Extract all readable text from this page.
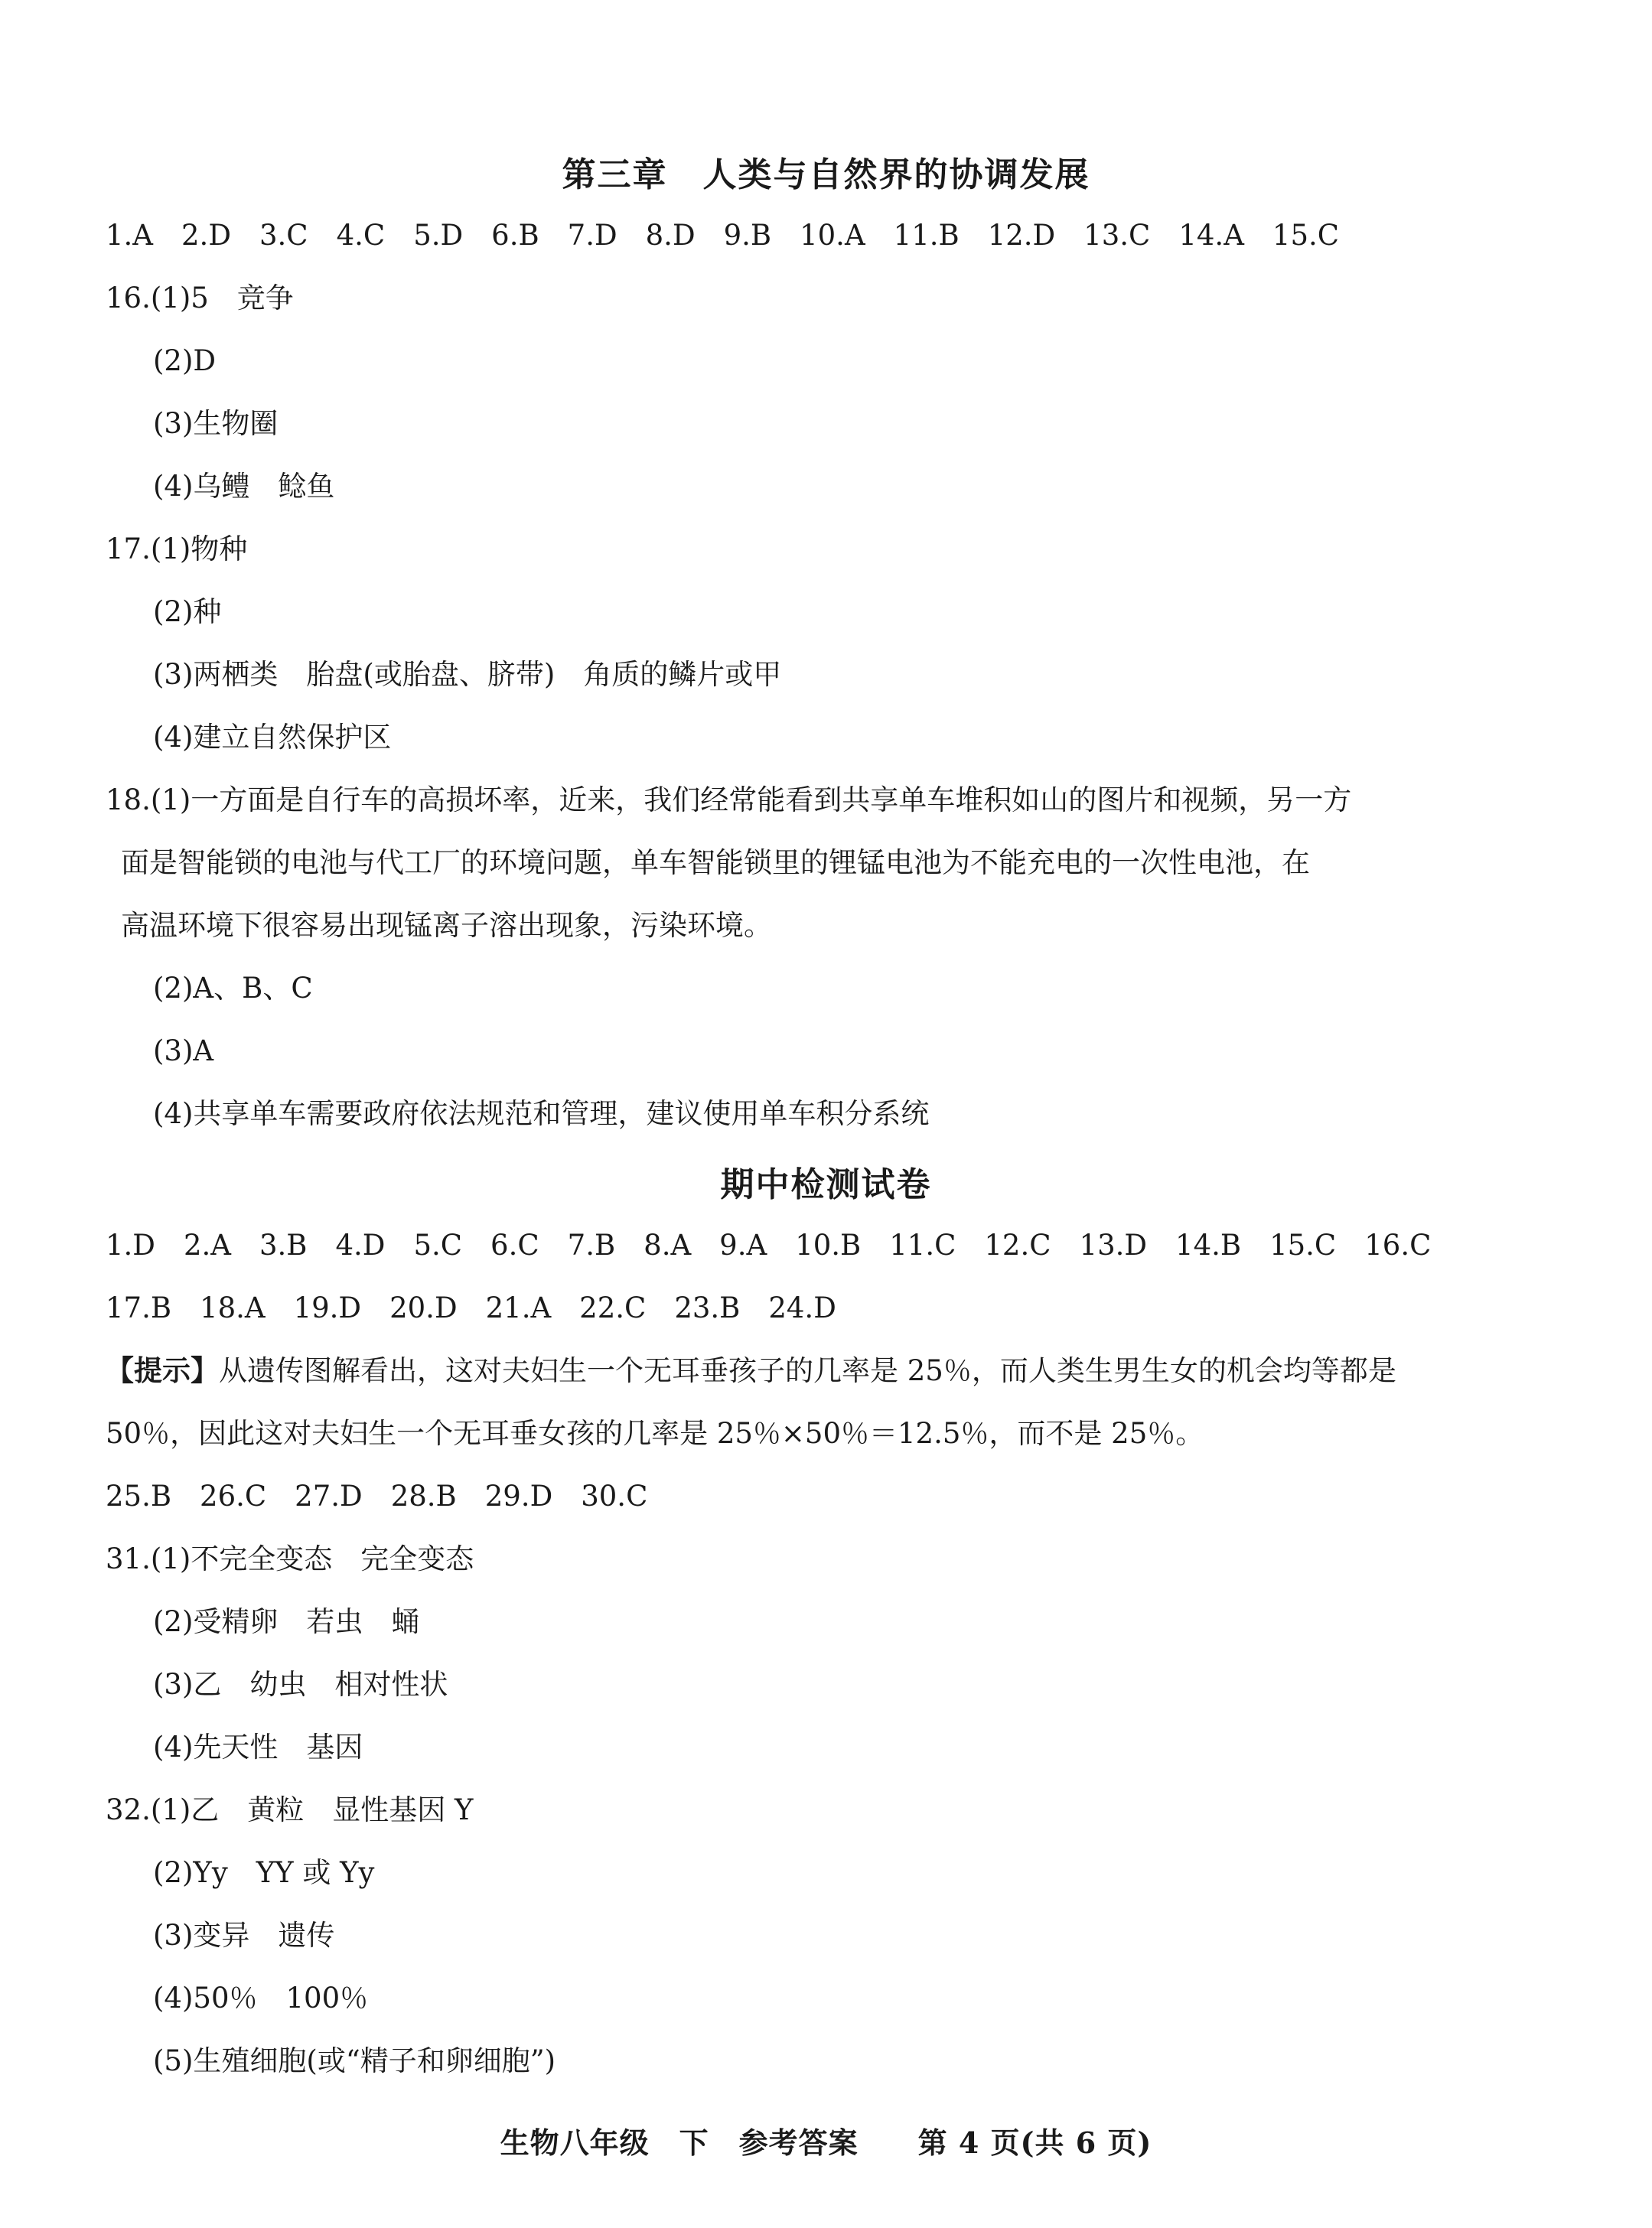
第三章　人类与自然界的协调发展
1.A　2.D　3.C　4.C　5.D　6.B　7.D　8.D　9.B　10.A　11.B　12.D　13.C　14.A　15.C
16.(1)5　竞争
(2)D
(3)生物圈
(4)乌鳢　鲶鱼
17.(1)物种
(2)种
(3)两栖类　胎盘(或胎盘、脐带)　角质的鳞片或甲
(4)建立自然保护区
18.(1)一方面是自行车的高损坏率，近来，我们经常能看到共享单车堆积如山的图片和视频，另一方
面是智能锁的电池与代工厂的环境问题，单车智能锁里的锂锰电池为不能充电的一次性电池，在
高温环境下很容易出现锰离子溶出现象，污染环境。
(2)A、B、C
(3)A
(4)共享单车需要政府依法规范和管理，建议使用单车积分系统
期中检测试卷
1.D　2.A　3.B　4.D　5.C　6.C　7.B　8.A　9.A　10.B　11.C　12.C　13.D　14.B　15.C　16.C
17.B　18.A　19.D　20.D　21.A　22.C　23.B　24.D
【提示】从遗传图解看出，这对夫妇生一个无耳垂孩子的几率是 25％，而人类生男生女的机会均等都是
50％，因此这对夫妇生一个无耳垂女孩的几率是 25％×50％＝12.5％，而不是 25％。
25.B　26.C　27.D　28.B　29.D　30.C
31.(1)不完全变态　完全变态
(2)受精卵　若虫　蛹
(3)乙　幼虫　相对性状
(4)先天性　基因
32.(1)乙　黄粒　显性基因 Y
(2)Yy　YY 或 Yy
(3)变异　遗传
(4)50％　100％
(5)生殖细胞(或“精子和卵细胞”)
生物八年级　下　参考答案　　第 4 页(共 6 页)
